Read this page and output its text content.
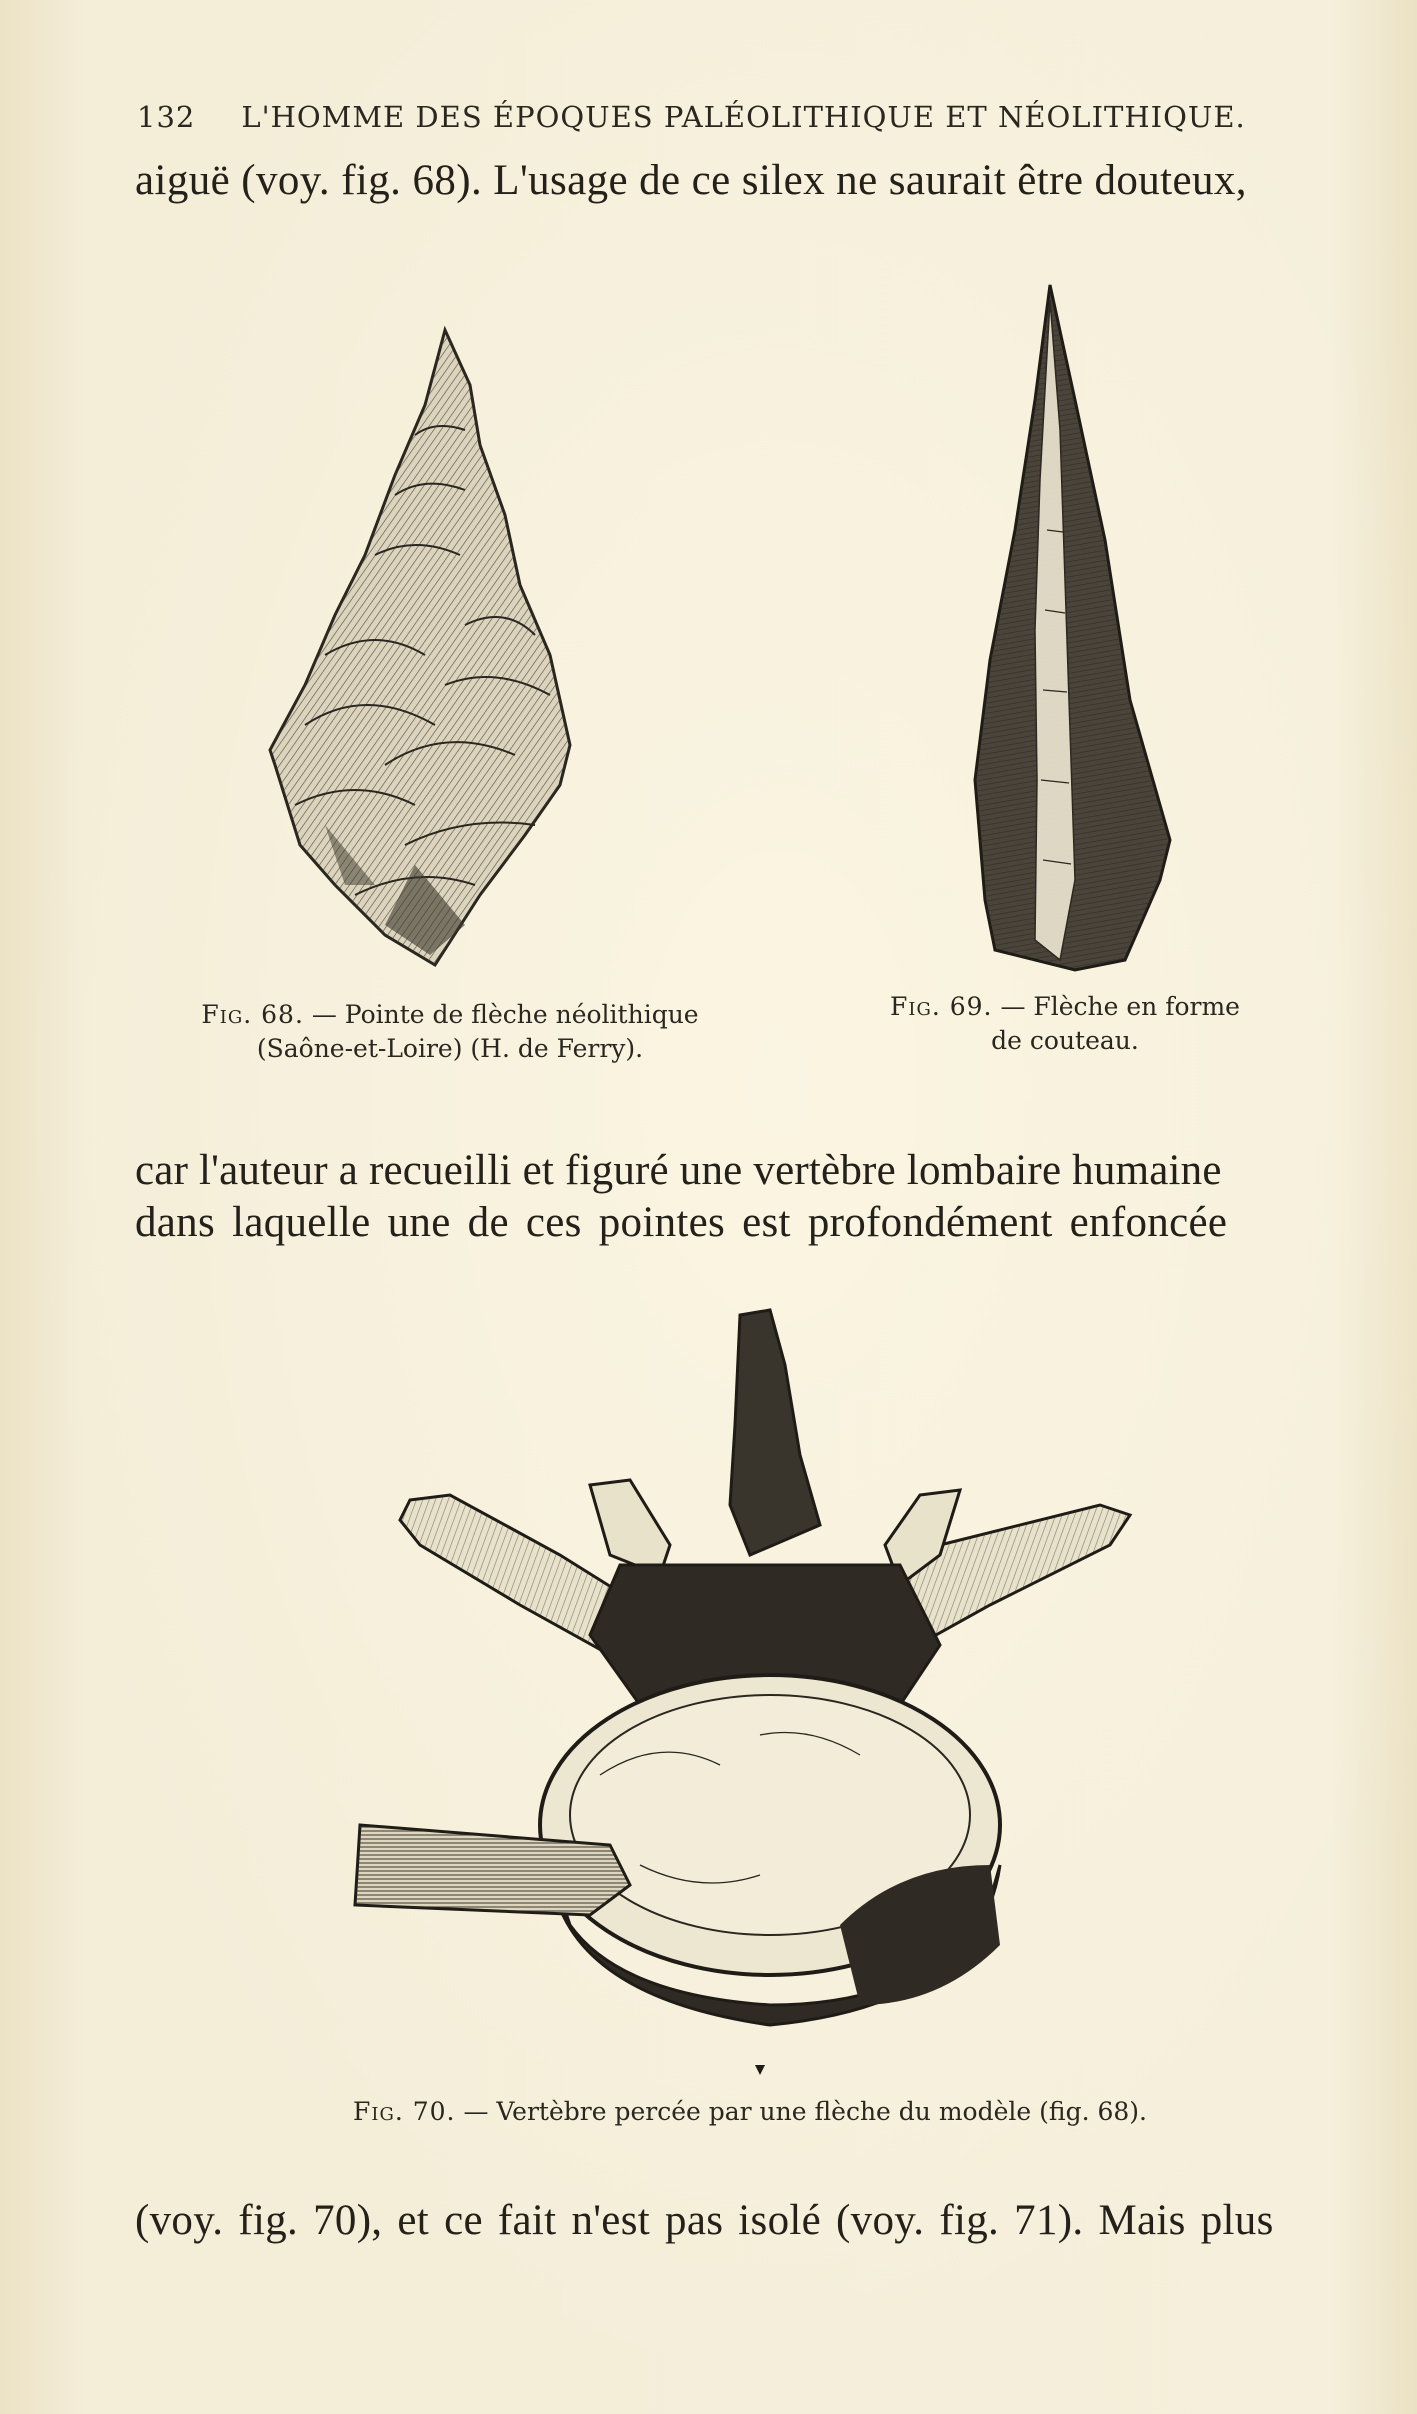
132 L'HOMME DES ÉPOQUES PALÉOLITHIQUE ET NÉOLITHIQUE.
aiguë (voy. fig. 68). L'usage de ce silex ne saurait être douteux,
Fig. 68. — Pointe de flèche néolithique
(Saône-et-Loire) (H. de Ferry).
Fig. 69. — Flèche en forme
de couteau.
car l'auteur a recueilli et figuré une vertèbre lombaire humaine
dans laquelle une de ces pointes est profondément enfoncée
Fig. 70. — Vertèbre percée par une flèche du modèle (fig. 68).
(voy. fig. 70), et ce fait n'est pas isolé (voy. fig. 71). Mais plus
